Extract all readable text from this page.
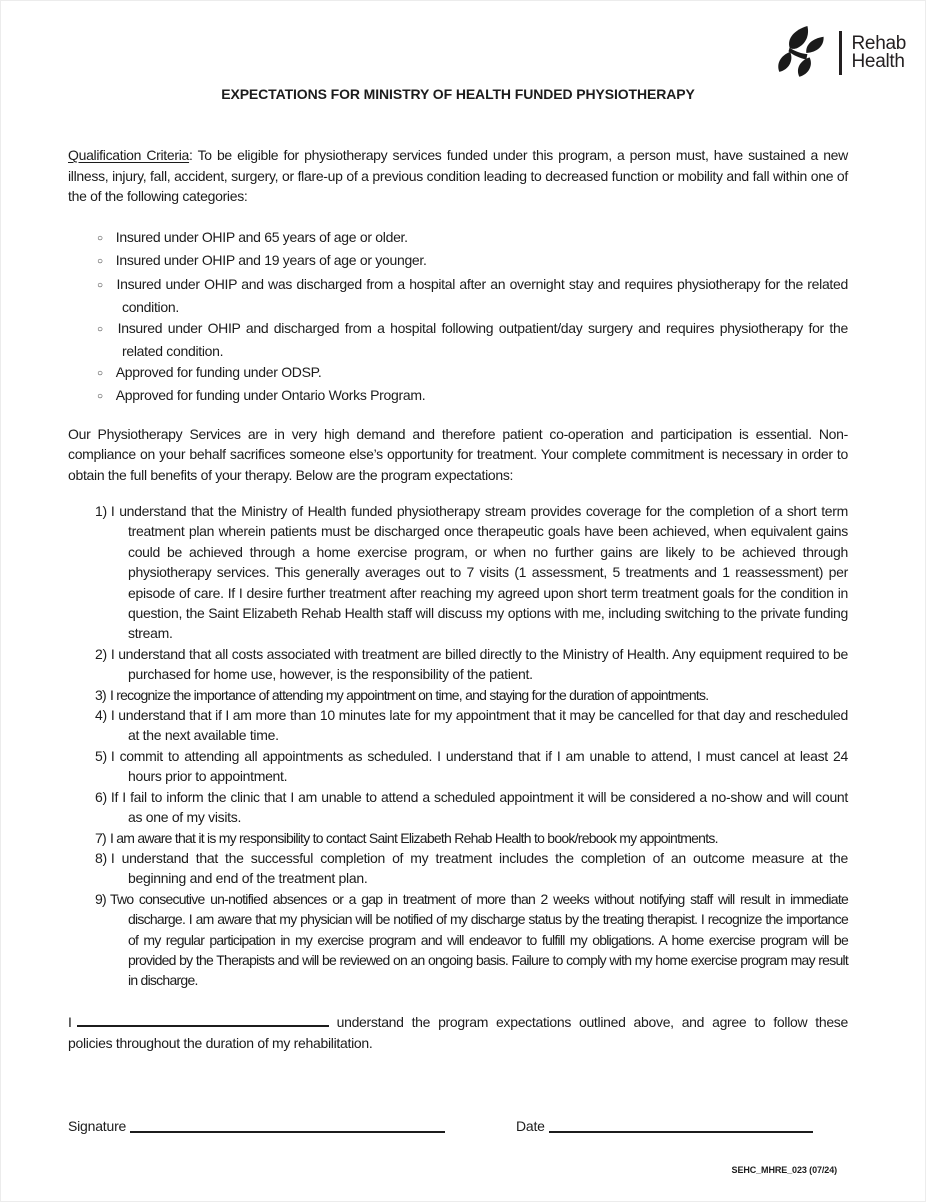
Rehab
Health
EXPECTATIONS FOR MINISTRY OF HEALTH FUNDED PHYSIOTHERAPY

Qualification Criteria: To be eligible for physiotherapy services funded under this program, a person must, have sustained a new illness, injury, fall, accident, surgery, or flare-up of a previous condition leading to decreased function or mobility and fall within one of the of the following categories:

○ Insured under OHIP and 65 years of age or older.
○ Insured under OHIP and 19 years of age or younger.
○ Insured under OHIP and was discharged from a hospital after an overnight stay and requires physiotherapy for the related condition.
○ Insured under OHIP and discharged from a hospital following outpatient/day surgery and requires physiotherapy for the related condition.
○ Approved for funding under ODSP.
○ Approved for funding under Ontario Works Program.

Our Physiotherapy Services are in very high demand and therefore patient co-operation and participation is essential. Non-compliance on your behalf sacrifices someone else’s opportunity for treatment. Your complete commitment is necessary in order to obtain the full benefits of your therapy. Below are the program expectations:

1) I understand that the Ministry of Health funded physiotherapy stream provides coverage for the completion of a short term treatment plan wherein patients must be discharged once therapeutic goals have been achieved, when equivalent gains could be achieved through a home exercise program, or when no further gains are likely to be achieved through physiotherapy services. This generally averages out to 7 visits (1 assessment, 5 treatments and 1 reassessment) per episode of care. If I desire further treatment after reaching my agreed upon short term treatment goals for the condition in question, the Saint Elizabeth Rehab Health staff will discuss my options with me, including switching to the private funding stream.
2) I understand that all costs associated with treatment are billed directly to the Ministry of Health. Any equipment required to be purchased for home use, however, is the responsibility of the patient.
3) I recognize the importance of attending my appointment on time, and staying for the duration of appointments.
4) I understand that if I am more than 10 minutes late for my appointment that it may be cancelled for that day and rescheduled at the next available time.
5) I commit to attending all appointments as scheduled. I understand that if I am unable to attend, I must cancel at least 24 hours prior to appointment.
6) If I fail to inform the clinic that I am unable to attend a scheduled appointment it will be considered a no-show and will count as one of my visits.
7) I am aware that it is my responsibility to contact Saint Elizabeth Rehab Health to book/rebook my appointments.
8) I understand that the successful completion of my treatment includes the completion of an outcome measure at the beginning and end of the treatment plan.
9) Two consecutive un-notified absences or a gap in treatment of more than 2 weeks without notifying staff will result in immediate discharge. I am aware that my physician will be notified of my discharge status by the treating therapist. I recognize the importance of my regular participation in my exercise program and will endeavor to fulfill my obligations. A home exercise program will be provided by the Therapists and will be reviewed on an ongoing basis. Failure to comply with my home exercise program may result in discharge.

I	understand the program expectations outlined above, and agree to follow these policies throughout the duration of my rehabilitation.

Signature	Date
SEHC_MHRE_023 (07/24)
